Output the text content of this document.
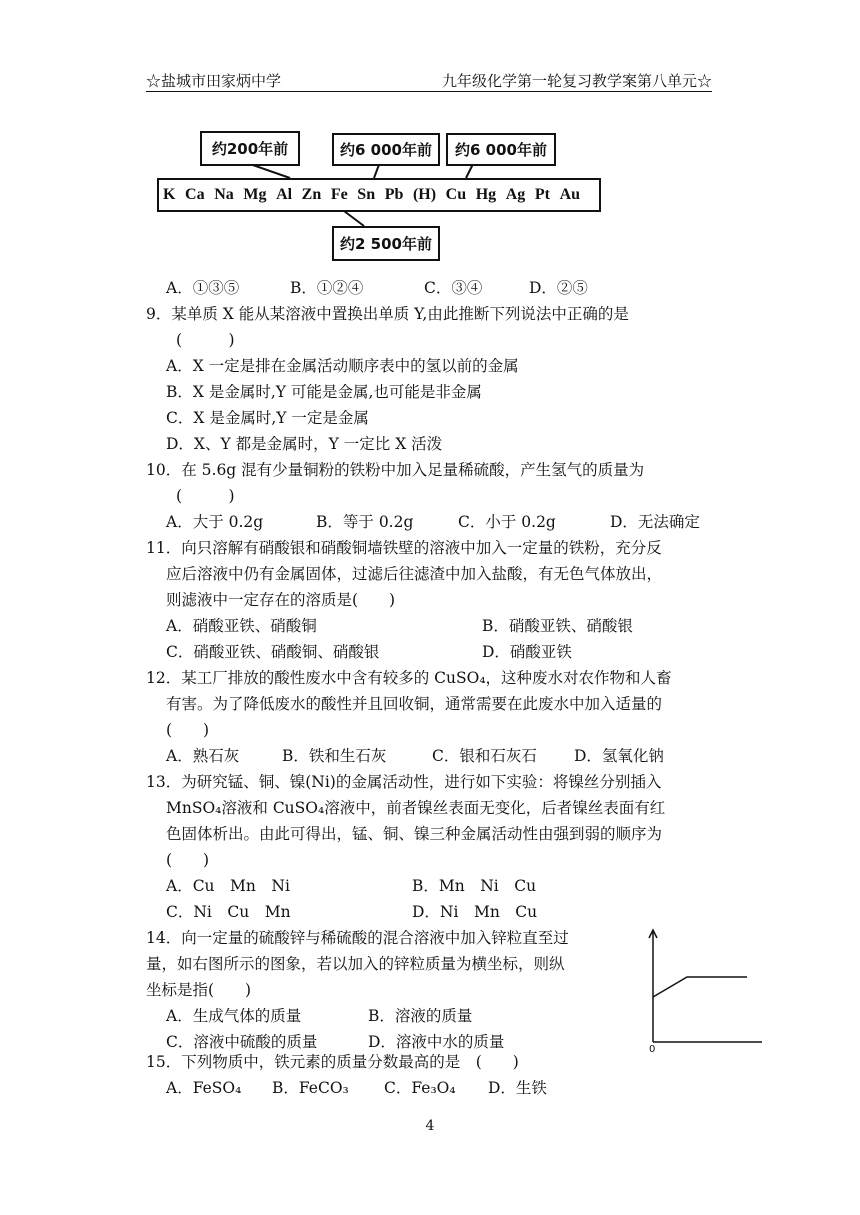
☆盐城市田家炳中学	九年级化学第一轮复习教学案第八单元☆
约200年前	约6 000年前	约6 000年前
K Ca Na Mg Al Zn Fe Sn Pb (H) Cu Hg Ag Pt Au
约2 500年前
A．①③⑤	B．①②④	C．③④	D．②⑤
9．某单质 X 能从某溶液中置换出单质 Y,由此推断下列说法中正确的是
(　　　)
A．X 一定是排在金属活动顺序表中的氢以前的金属
B．X 是金属时,Y 可能是金属,也可能是非金属
C．X 是金属时,Y 一定是金属
D．X、Y 都是金属时，Y 一定比 X 活泼
10．在 5.6g 混有少量铜粉的铁粉中加入足量稀硫酸，产生氢气的质量为
(　　　)
A．大于 0.2g	B．等于 0.2g	C．小于 0.2g	D．无法确定
11．向只溶解有硝酸银和硝酸铜墙铁壁的溶液中加入一定量的铁粉，充分反
应后溶液中仍有金属固体，过滤后往滤渣中加入盐酸，有无色气体放出，
则滤液中一定存在的溶质是(　　)
A．硝酸亚铁、硝酸铜	B．硝酸亚铁、硝酸银
C．硝酸亚铁、硝酸铜、硝酸银	D．硝酸亚铁
12．某工厂排放的酸性废水中含有较多的 CuSO₄，这种废水对农作物和人畜
有害。为了降低废水的酸性并且回收铜，通常需要在此废水中加入适量的
(　　)
A．熟石灰	B．铁和生石灰	C．银和石灰石 D．氢氧化钠
13．为研究锰、铜、镍(Ni)的金属活动性，进行如下实验：将镍丝分别插入
MnSO₄溶液和 CuSO₄溶液中，前者镍丝表面无变化，后者镍丝表面有红
色固体析出。由此可得出，锰、铜、镍三种金属活动性由强到弱的顺序为
(　　)
A．Cu　Mn　Ni	B．Mn　Ni　Cu
C．Ni　Cu　Mn	D．Ni　Mn　Cu
14．向一定量的硫酸锌与稀硫酸的混合溶液中加入锌粒直至过
量，如右图所示的图象，若以加入的锌粒质量为横坐标，则纵
坐标是指(　　)
A．生成气体的质量	B．溶液的质量
C．溶液中硫酸的质量	D．溶液中水的质量	0
15．下列物质中，铁元素的质量分数最高的是　(　　)
A．FeSO₄ B．FeCO₃ C．Fe₃O₄ D．生铁
4
